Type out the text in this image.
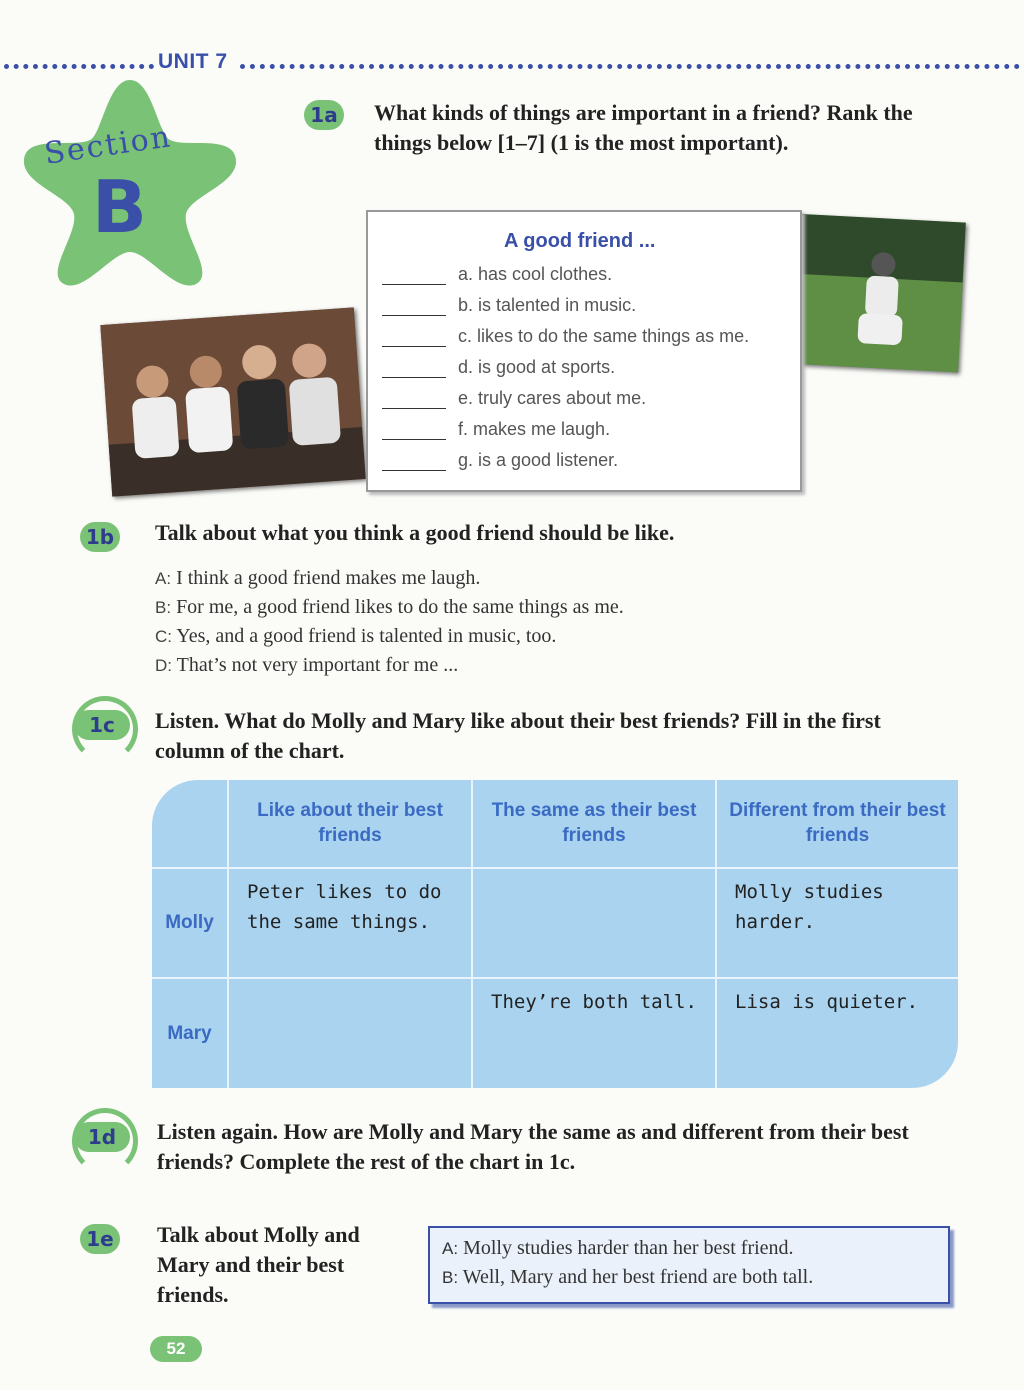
UNIT 7
Section
B
1a What kinds of things are important in a friend? Rank the things below [1–7] (1 is the most important).
A good friend ...
a. has cool clothes.
b. is talented in music.
c. likes to do the same things as me.
d. is good at sports.
e. truly cares about me.
f. makes me laugh.
g. is a good listener.
1b Talk about what you think a good friend should be like.
A: I think a good friend makes me laugh.
B: For me, a good friend likes to do the same things as me.
C: Yes, and a good friend is talented in music, too.
D: That’s not very important for me ...
1c	Listen. What do Molly and Mary like about their best friends? Fill in the first column of the chart.
	Like about their best friends	The same as their best friends	Different from their best friends
Molly	Peter likes to do the same things.		Molly studies harder.
Mary		They’re both tall.	Lisa is quieter.
1d	Listen again. How are Molly and Mary the same as and different from their best friends? Complete the rest of the chart in 1c.
1e Talk about Molly and Mary and their best friends.
A: Molly studies harder than her best friend.
B: Well, Mary and her best friend are both tall.
52
